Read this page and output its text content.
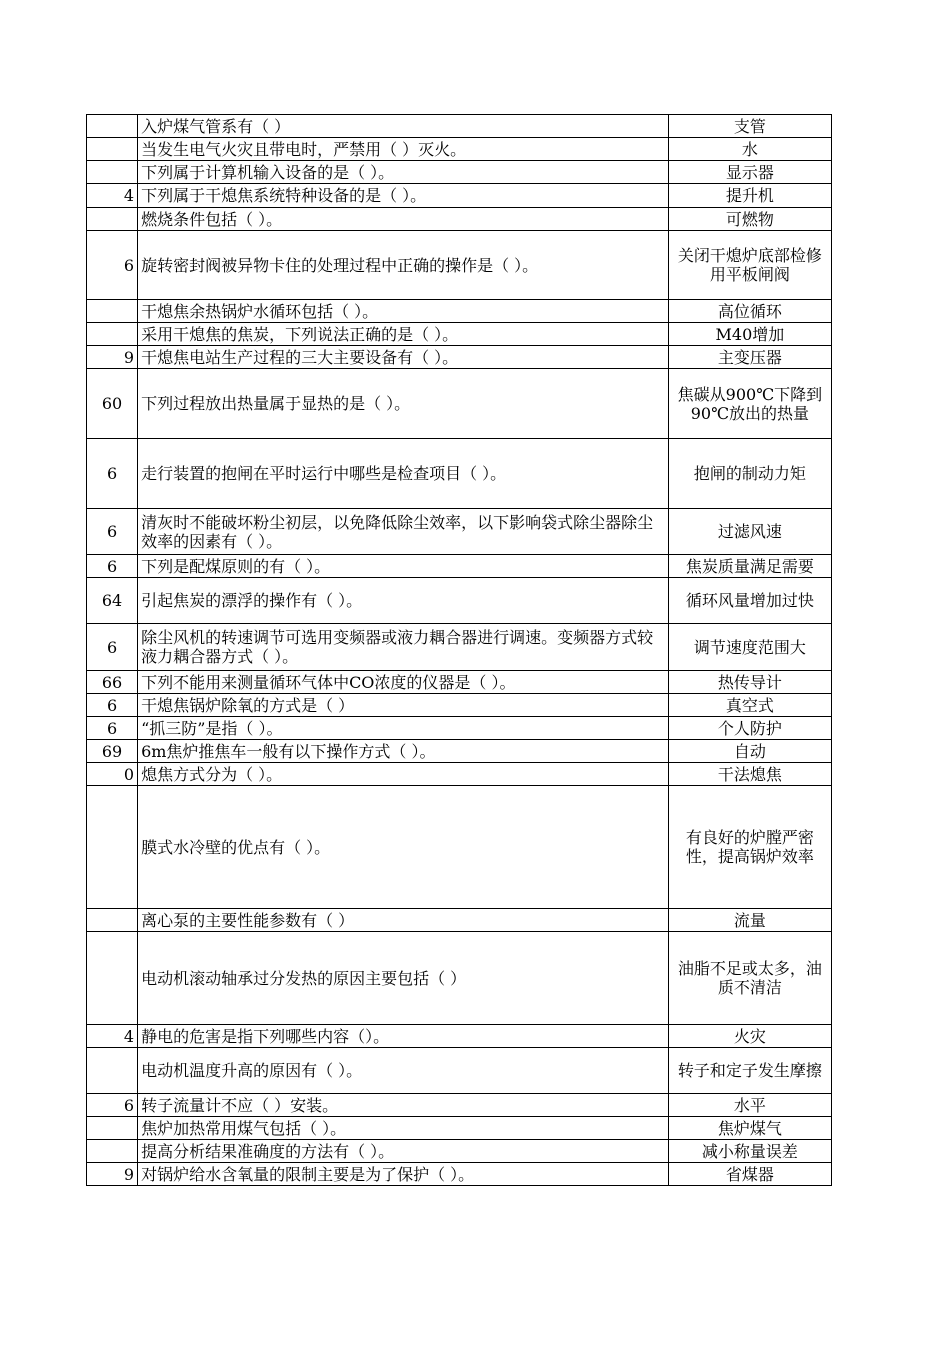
	入炉煤气管系有（ ）	支管
	当发生电气火灾且带电时，严禁用（ ）灭火。	水
	下列属于计算机输入设备的是（ ）。	显示器
4	下列属于干熄焦系统特种设备的是（ ）。	提升机
	燃烧条件包括（ ）。	可燃物
6	旋转密封阀被异物卡住的处理过程中正确的操作是（ ）。	关闭干熄炉底部检修用平板闸阀
	干熄焦余热锅炉水循环包括（ ）。	高位循环
	采用干熄焦的焦炭，下列说法正确的是（ ）。	M40增加
9	干熄焦电站生产过程的三大主要设备有（ ）。	主变压器
60	下列过程放出热量属于显热的是（ ）。	焦碳从900℃下降到90℃放出的热量
6	走行装置的抱闸在平时运行中哪些是检查项目（ ）。	抱闸的制动力矩
6	清灰时不能破坏粉尘初层，以免降低除尘效率，以下影响袋式除尘器除尘效率的因素有（ ）。	过滤风速
6	下列是配煤原则的有（ ）。	焦炭质量满足需要
64	引起焦炭的漂浮的操作有（ ）。	循环风量增加过快
6	除尘风机的转速调节可选用变频器或液力耦合器进行调速。变频器方式较液力耦合器方式（ ）。	调节速度范围大
66	下列不能用来测量循环气体中CO浓度的仪器是（ ）。	热传导计
6	干熄焦锅炉除氧的方式是（ ）	真空式
6	“抓三防”是指（ ）。	个人防护
69	6m焦炉推焦车一般有以下操作方式（ ）。	自动
0	熄焦方式分为（ ）。	干法熄焦
	膜式水冷壁的优点有（ ）。	有良好的炉膛严密性，提高锅炉效率
	离心泵的主要性能参数有（ ）	流量
	电动机滚动轴承过分发热的原因主要包括（ ）	油脂不足或太多，油质不清洁
4	静电的危害是指下列哪些内容（）。	火灾
	电动机温度升高的原因有（ ）。	转子和定子发生摩擦
6	转子流量计不应（ ）安装。	水平
	焦炉加热常用煤气包括（ ）。	焦炉煤气
	提高分析结果准确度的方法有（ ）。	减小称量误差
9	对锅炉给水含氧量的限制主要是为了保护（ ）。	省煤器
